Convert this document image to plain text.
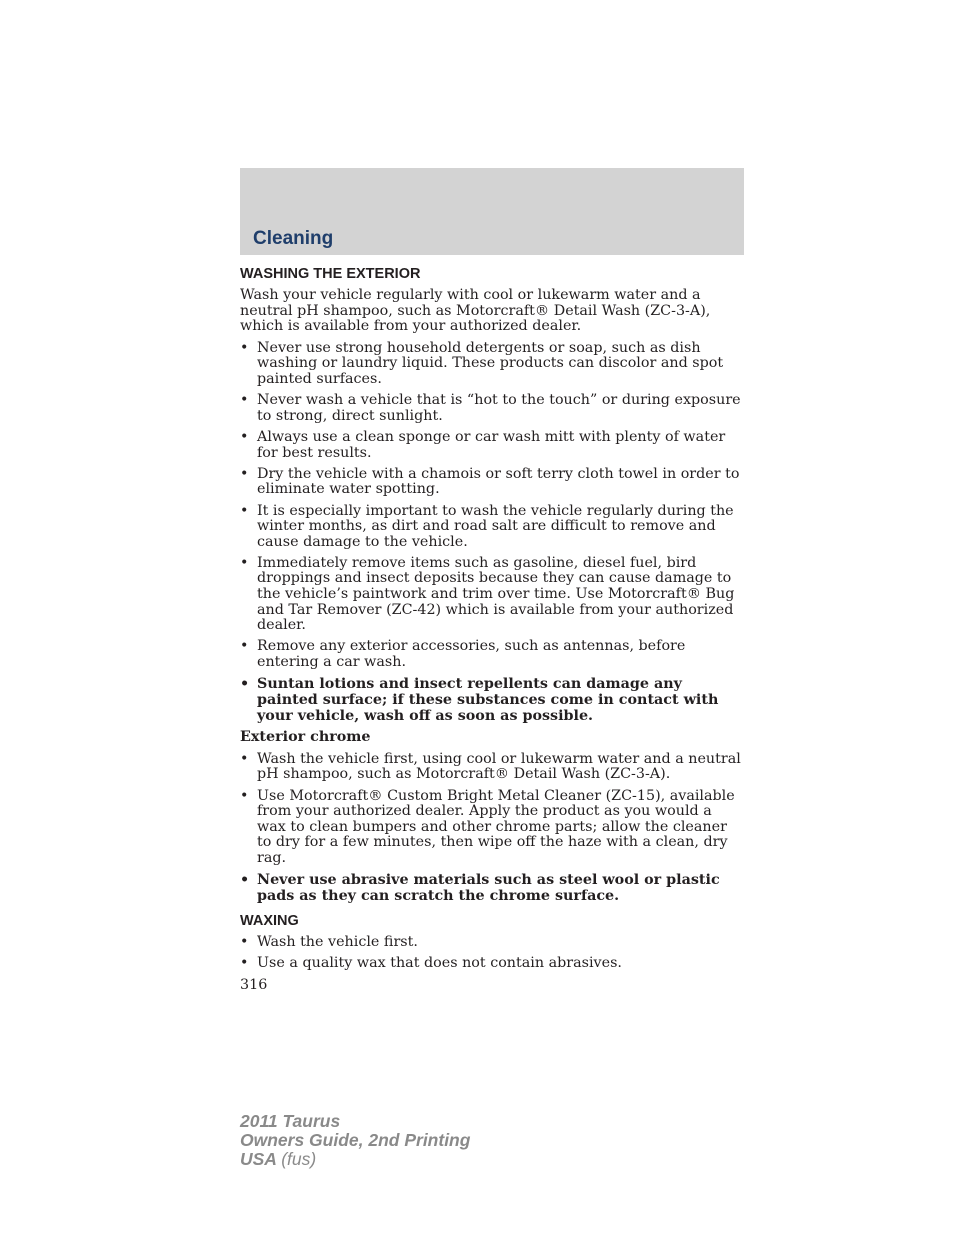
Cleaning
WASHING THE EXTERIOR

Wash your vehicle regularly with cool or lukewarm water and a neutral pH shampoo, such as Motorcraft® Detail Wash (ZC-3-A), which is available from your authorized dealer.

• Never use strong household detergents or soap, such as dish washing or laundry liquid. These products can discolor and spot painted surfaces.
• Never wash a vehicle that is “hot to the touch” or during exposure to strong, direct sunlight.
• Always use a clean sponge or car wash mitt with plenty of water for best results.
• Dry the vehicle with a chamois or soft terry cloth towel in order to eliminate water spotting.
• It is especially important to wash the vehicle regularly during the winter months, as dirt and road salt are difficult to remove and cause damage to the vehicle.
• Immediately remove items such as gasoline, diesel fuel, bird droppings and insect deposits because they can cause damage to the vehicle’s paintwork and trim over time. Use Motorcraft® Bug and Tar Remover (ZC-42) which is available from your authorized dealer.
• Remove any exterior accessories, such as antennas, before entering a car wash.
• Suntan lotions and insect repellents can damage any painted surface; if these substances come in contact with your vehicle, wash off as soon as possible.
Exterior chrome
• Wash the vehicle first, using cool or lukewarm water and a neutral pH shampoo, such as Motorcraft® Detail Wash (ZC-3-A).
• Use Motorcraft® Custom Bright Metal Cleaner (ZC-15), available from your authorized dealer. Apply the product as you would a wax to clean bumpers and other chrome parts; allow the cleaner to dry for a few minutes, then wipe off the haze with a clean, dry rag.
• Never use abrasive materials such as steel wool or plastic pads as they can scratch the chrome surface.
WAXING
• Wash the vehicle first.
• Use a quality wax that does not contain abrasives.
316
2011 Taurus
Owners Guide, 2nd Printing
USA (fus)
